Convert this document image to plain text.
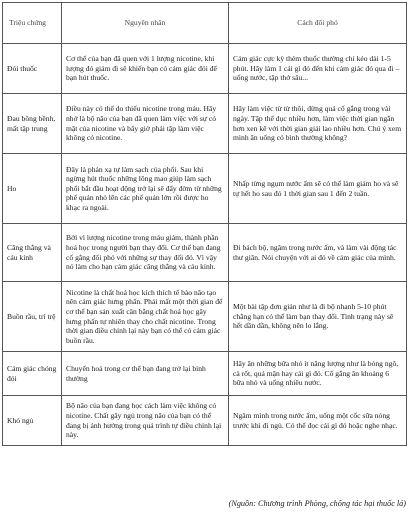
Triệu chứng	Nguyên nhân	Cách đối phó
Đói thuốc	Cơ thể của bạn đã quen với 1 lượng nicotine, khi lượng đó giảm đi sẽ khiến bạn có cảm giác đói để bạn hút thuốc.	Cảm giác cực kỳ thèm thuốc thường chỉ kéo dài 1-5 phút. Hãy làm 1 cái gì đó đến khi cảm giác đó qua đi – uống nước, tập thở sâu...
Đau bồng bềnh, mất tập trung	Điều này có thể do thiếu nicotine trong máu. Hãy nhớ là bộ não của bạn đã quen làm việc với sự có mặt của nicotine và bây giờ phải tập làm việc không có nicotine.	Hãy làm việc từ từ thôi, đừng quá cố gắng trong vài ngày. Tập thể dục nhiều hơn, làm việc thời gian ngắn hơn xen kẽ với thời gian giải lao nhiều hơn. Chú ý xem mình ăn uống có bình thường không?
Ho	Đây là phản xạ tự làm sạch của phổi. Sau khi ngừng hút thuốc những lông mao giúp làm sạch phổi bắt đầu hoạt động trở lại sẽ đẩy đờm từ những phế quản nhỏ lên các phế quản lớn rồi được ho khạc ra ngoài.	Nhấp từng ngụm nước ấm sẽ có thể làm giảm ho và sẽ tự hết ho sau đó 1 thời gian sau 1 đến 2 tuần.
Căng thẳng và cáu kỉnh	Bởi vì lượng nicotine trong máu giảm, thành phần hoá học trong người bạn thay đổi. Cơ thể bạn đang cố gắng đối phó với những sự thay đổi đó. Vì vậy nó làm cho bạn cảm giác căng thẳng và cáu kỉnh.	Đi bách bộ, ngâm trong nước ấm, và làm vài động tác thư giãn. Nói chuyện với ai đó về cảm giác của mình.
Buồn rầu, trì trệ	Nicotine là chất hoá học kích thích tế bào não tạo nên cảm giác hưng phấn. Phải mất một thời gian để cơ thể bạn sản xuất cân bằng chất hoá học gây hưng phấn tự nhiên thay cho chất nicotine. Trong thời gian điều chỉnh lại này bạn có thể có cảm giác buồn rầu.	Một bài tập đơn giản như là đi bộ nhanh 5-10 phút chẳng hạn có thể làm bạn thay đổi. Tinh trạng này sẽ hết dần dần, không nên lo lắng.
Cảm giác chóng đói	Chuyển hoá trong cơ thể bạn đang trở lại bình thường	Hãy ăn những bữa nhỏ ít năng lượng như là bỏng ngô, cà rốt, quả mận hay cái gì đó. Cố gắng ăn khoảng 6 bữa nhỏ và uống nhiều nước.
Khó ngủ	Bộ não của bạn đang học cách làm việc không có nicotine. Chất gây ngủ trong não của bạn có thể đang bị ảnh hưởng trong quá trình tự điều chỉnh lại này.	Ngâm mình trong nước ấm, uống một cốc sữa nóng trước khi đi ngủ. Có thể đọc cái gì đó hoặc nghe nhạc.
(Nguồn: Chương trình Phòng, chống tác hại thuốc lá)
